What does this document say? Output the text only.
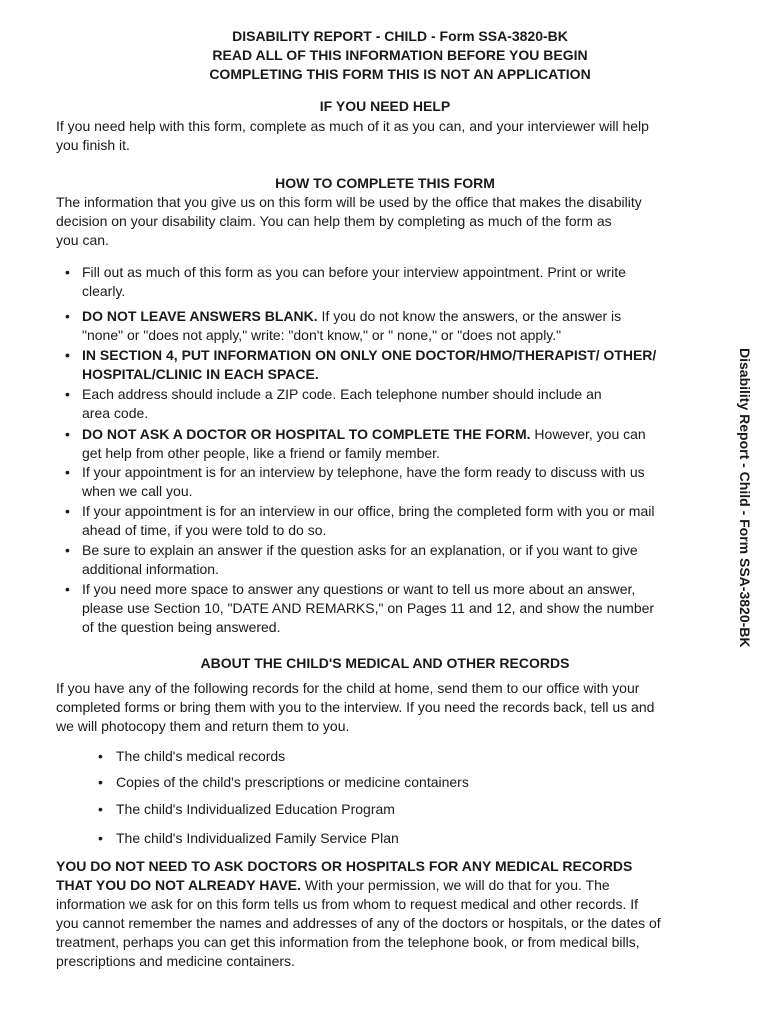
DISABILITY REPORT - CHILD - Form SSA-3820-BK
READ ALL OF THIS INFORMATION BEFORE YOU BEGIN
COMPLETING THIS FORM THIS IS NOT AN APPLICATION
IF YOU NEED HELP
If you need help with this form, complete as much of it as you can, and your interviewer will help
you finish it.
HOW TO COMPLETE THIS FORM
The information that you give us on this form will be used by the office that makes the disability
decision on your disability claim. You can help them by completing as much of the form as
you can.
• Fill out as much of this form as you can before your interview appointment. Print or write
clearly.
• DO NOT LEAVE ANSWERS BLANK. If you do not know the answers, or the answer is
"none" or "does not apply," write: "don't know," or " none," or "does not apply."
• IN SECTION 4, PUT INFORMATION ON ONLY ONE DOCTOR/HMO/THERAPIST/ OTHER/
HOSPITAL/CLINIC IN EACH SPACE.
• Each address should include a ZIP code. Each telephone number should include an
area code.
• DO NOT ASK A DOCTOR OR HOSPITAL TO COMPLETE THE FORM. However, you can
get help from other people, like a friend or family member.
• If your appointment is for an interview by telephone, have the form ready to discuss with us
when we call you.
• If your appointment is for an interview in our office, bring the completed form with you or mail
ahead of time, if you were told to do so.
• Be sure to explain an answer if the question asks for an explanation, or if you want to give
additional information.
• If you need more space to answer any questions or want to tell us more about an answer,
please use Section 10, "DATE AND REMARKS," on Pages 11 and 12, and show the number
of the question being answered.
ABOUT THE CHILD'S MEDICAL AND OTHER RECORDS
If you have any of the following records for the child at home, send them to our office with your
completed forms or bring them with you to the interview. If you need the records back, tell us and
we will photocopy them and return them to you.
• The child's medical records
• Copies of the child's prescriptions or medicine containers
• The child's Individualized Education Program
• The child's Individualized Family Service Plan
YOU DO NOT NEED TO ASK DOCTORS OR HOSPITALS FOR ANY MEDICAL RECORDS
THAT YOU DO NOT ALREADY HAVE. With your permission, we will do that for you. The
information we ask for on this form tells us from whom to request medical and other records. If
you cannot remember the names and addresses of any of the doctors or hospitals, or the dates of
treatment, perhaps you can get this information from the telephone book, or from medical bills,
prescriptions and medicine containers.
Disability Report - Child - Form SSA-3820-BK
